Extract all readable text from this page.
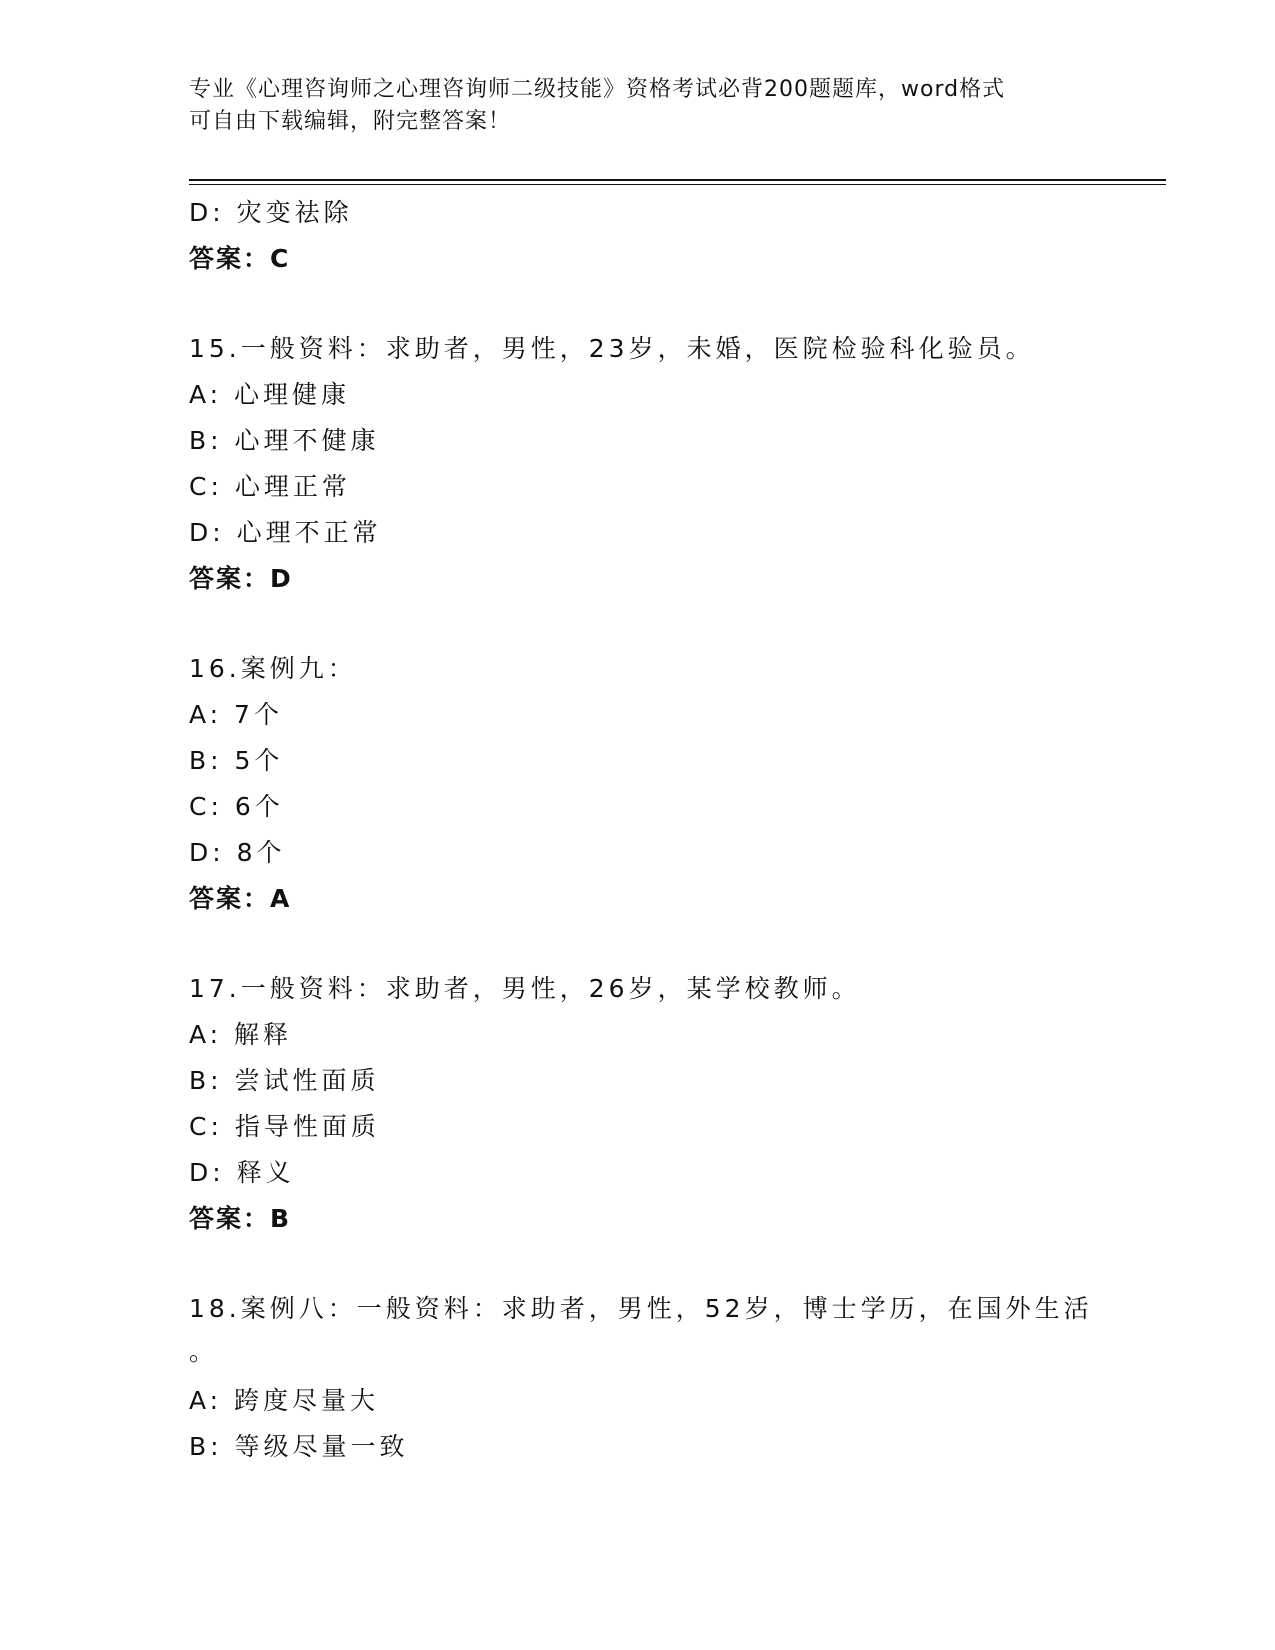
专业《心理咨询师之心理咨询师二级技能》资格考试必背200题题库，word格式
可自由下载编辑，附完整答案！
D: 灾变祛除
答案：C
15.一般资料：求助者，男性，23岁，未婚，医院检验科化验员。
A: 心理健康
B: 心理不健康
C: 心理正常
D: 心理不正常
答案：D
16.案例九：
A: 7个
B: 5个
C: 6个
D: 8个
答案：A
17.一般资料：求助者，男性，26岁，某学校教师。
A: 解释
B: 尝试性面质
C: 指导性面质
D: 释义
答案：B
18.案例八：一般资料：求助者，男性，52岁，博士学历，在国外生活
。
A: 跨度尽量大
B: 等级尽量一致
